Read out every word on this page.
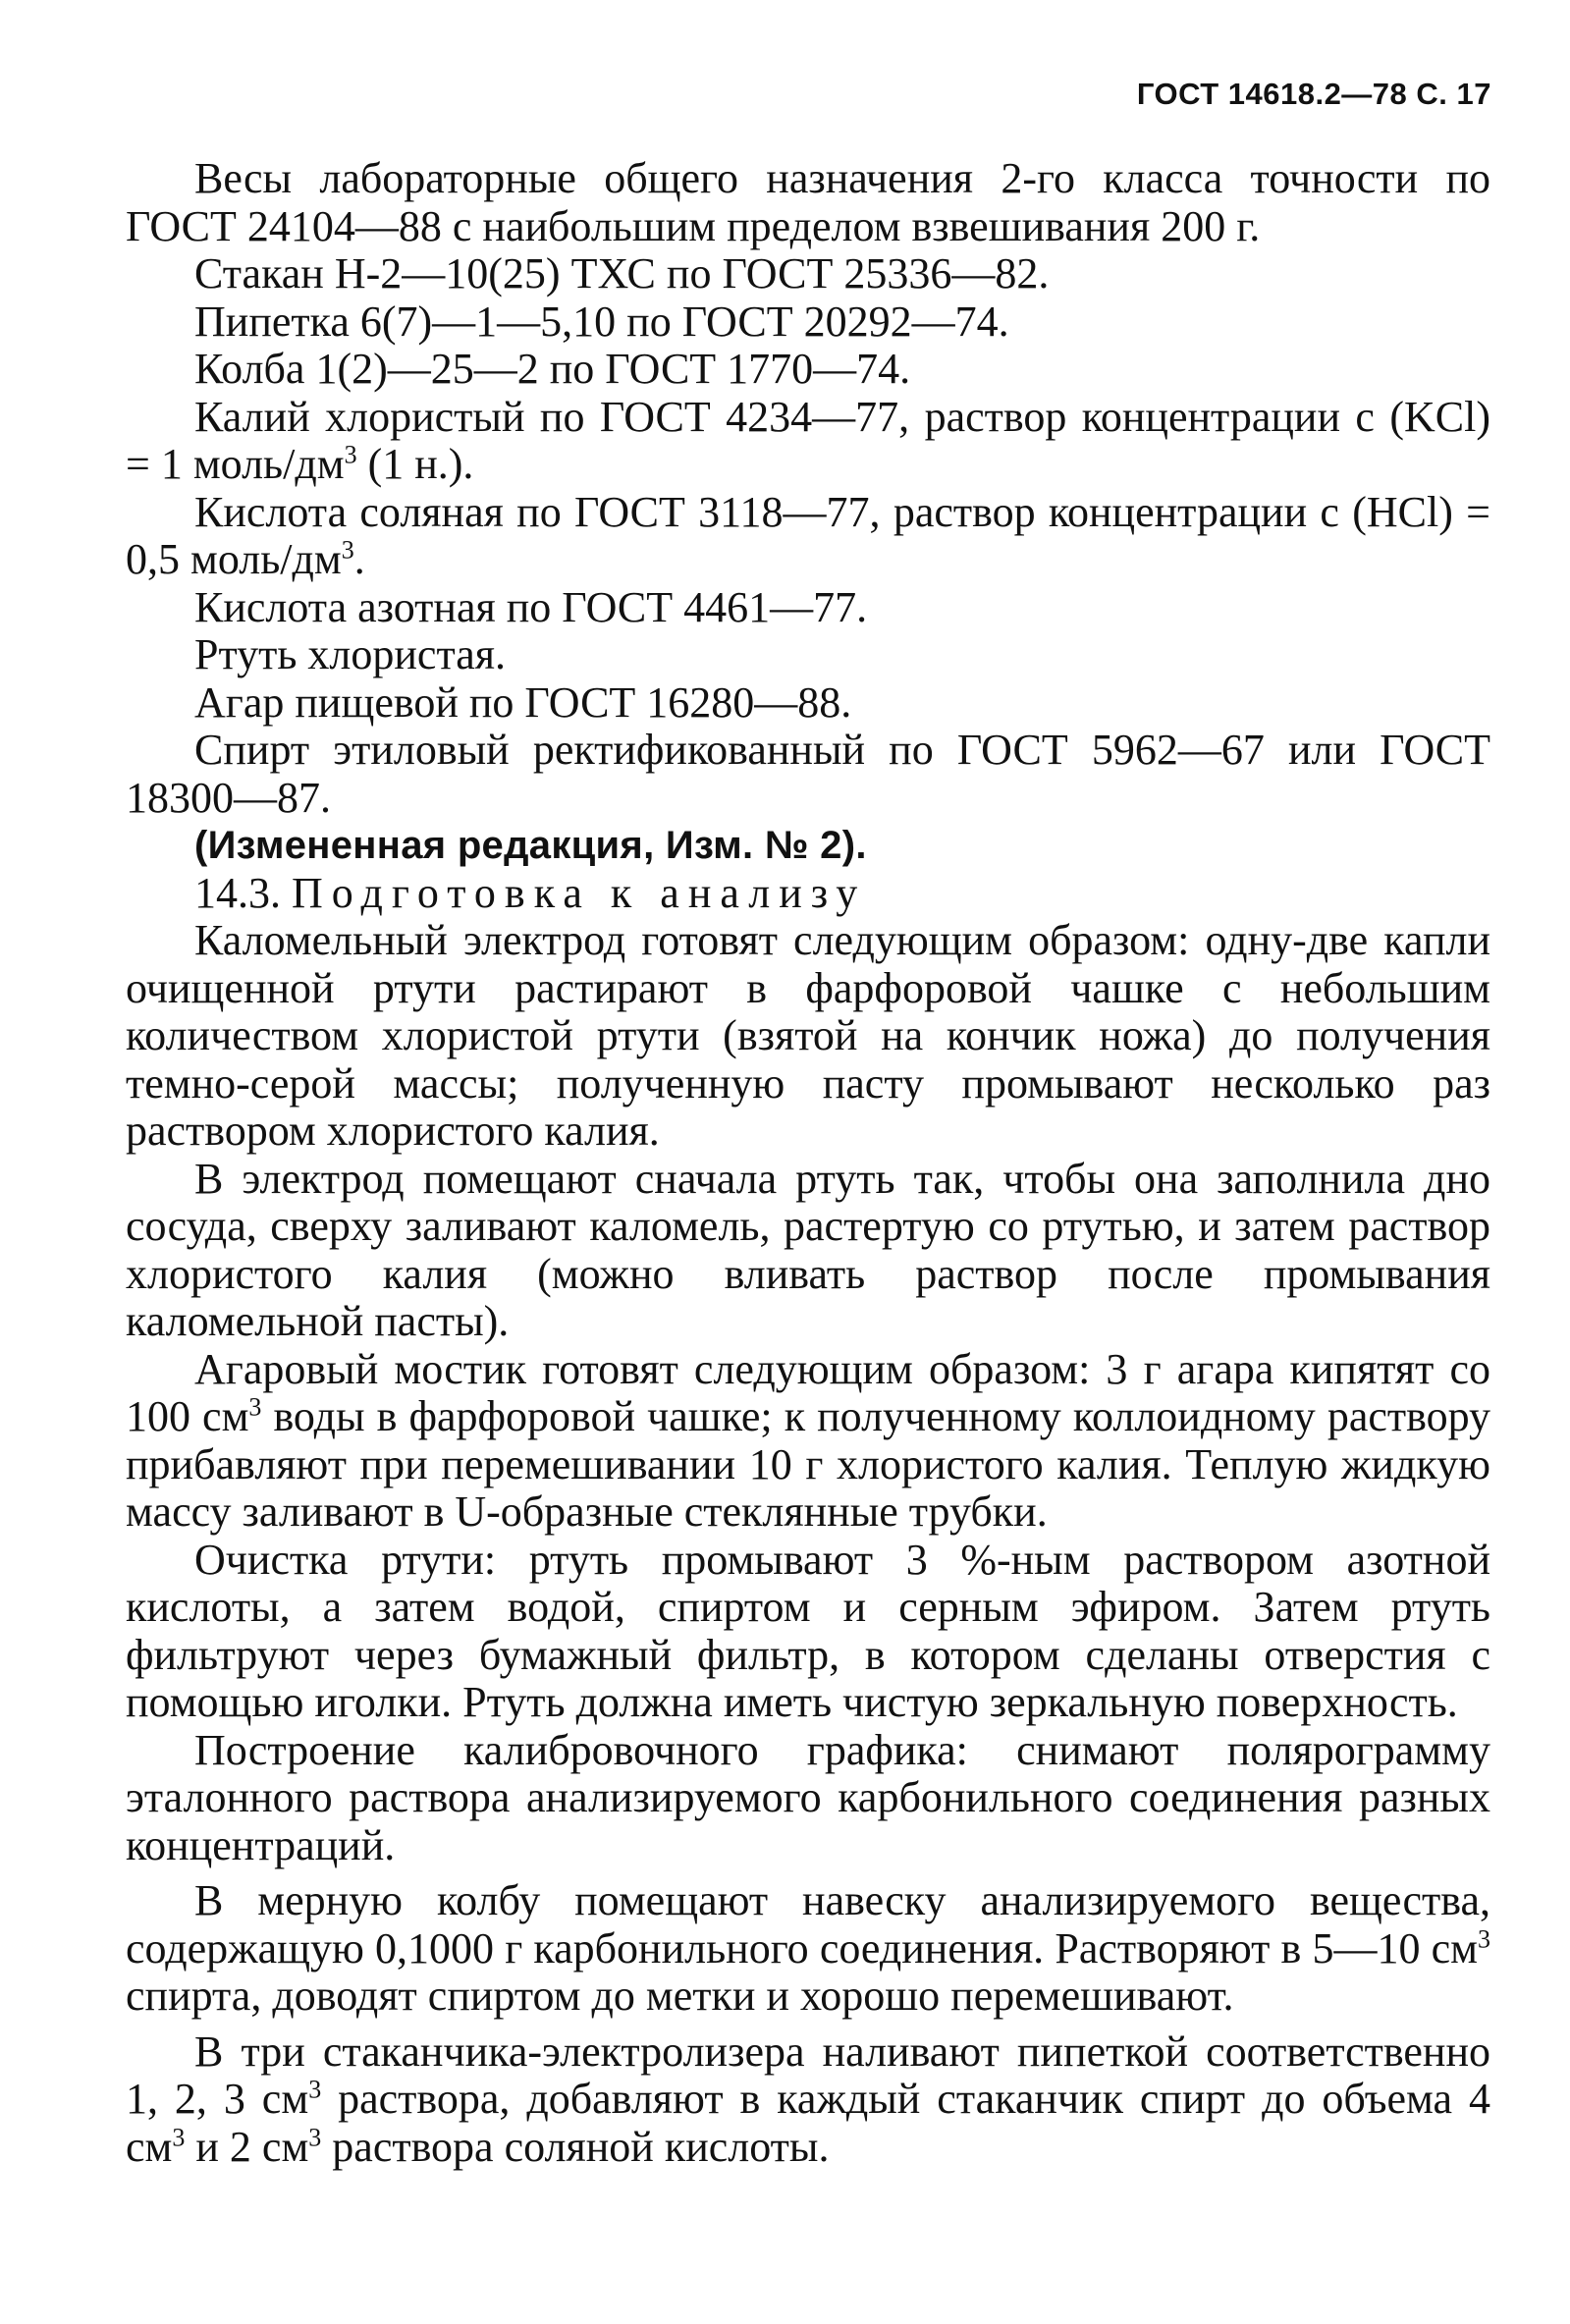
ГОСТ 14618.2—78 С. 17

Весы лабораторные общего назначения 2-го класса точности по ГОСТ 24104—88 с наибольшим пределом взвешивания 200 г.

Стакан Н-2—10(25) ТХС по ГОСТ 25336—82.

Пипетка 6(7)—1—5,10 по ГОСТ 20292—74.

Колба 1(2)—25—2 по ГОСТ 1770—74.

Калий хлористый по ГОСТ 4234—77, раствор концентрации с (KCl) = 1 моль/$дм^3$ (1 н.).

Кислота соляная по ГОСТ 3118—77, раствор концентрации с (HCl) = 0,5 моль/$дм^3$.

Кислота азотная по ГОСТ 4461—77.

Ртуть хлористая.

Агар пищевой по ГОСТ 16280—88.

Спирт этиловый ректификованный по ГОСТ 5962—67 или ГОСТ 18300—87.

(Измененная редакция, Изм. № 2).

14.3. Подготовка к анализу

Каломельный электрод готовят следующим образом: одну-две капли очищенной ртути растирают в фарфоровой чашке с небольшим количеством хлористой ртути (взятой на кончик ножа) до получения темно-серой массы; полученную пасту промывают несколько раз раствором хлористого калия.

В электрод помещают сначала ртуть так, чтобы она заполнила дно сосуда, сверху заливают каломель, растертую со ртутью, и затем раствор хлористого калия (можно вливать раствор после промывания каломельной пасты).

Агаровый мостик готовят следующим образом: 3 г агара кипятят со 100 $см^3$ воды в фарфоровой чашке; к полученному коллоидному раствору прибавляют при перемешивании 10 г хлористого калия. Теплую жидкую массу заливают в U-образные стеклянные трубки.

Очистка ртути: ртуть промывают 3 %-ным раствором азотной кислоты, а затем водой, спиртом и серным эфиром. Затем ртуть фильтруют через бумажный фильтр, в котором сделаны отверстия с помощью иголки. Ртуть должна иметь чистую зеркальную поверхность.

Построение калибровочного графика: снимают полярограмму эталонного раствора анализируемого карбонильного соединения разных концентраций.

В мерную колбу помещают навеску анализируемого вещества, содержащую 0,1000 г карбонильного соединения. Растворяют в 5—10 $см^3$ спирта, доводят спиртом до метки и хорошо перемешивают.

В три стаканчика-электролизера наливают пипеткой соответственно 1, 2, 3 $см^3$ раствора, добавляют в каждый стаканчик спирт до объема 4 $см^3$ и 2 $см^3$ раствора соляной кислоты.
